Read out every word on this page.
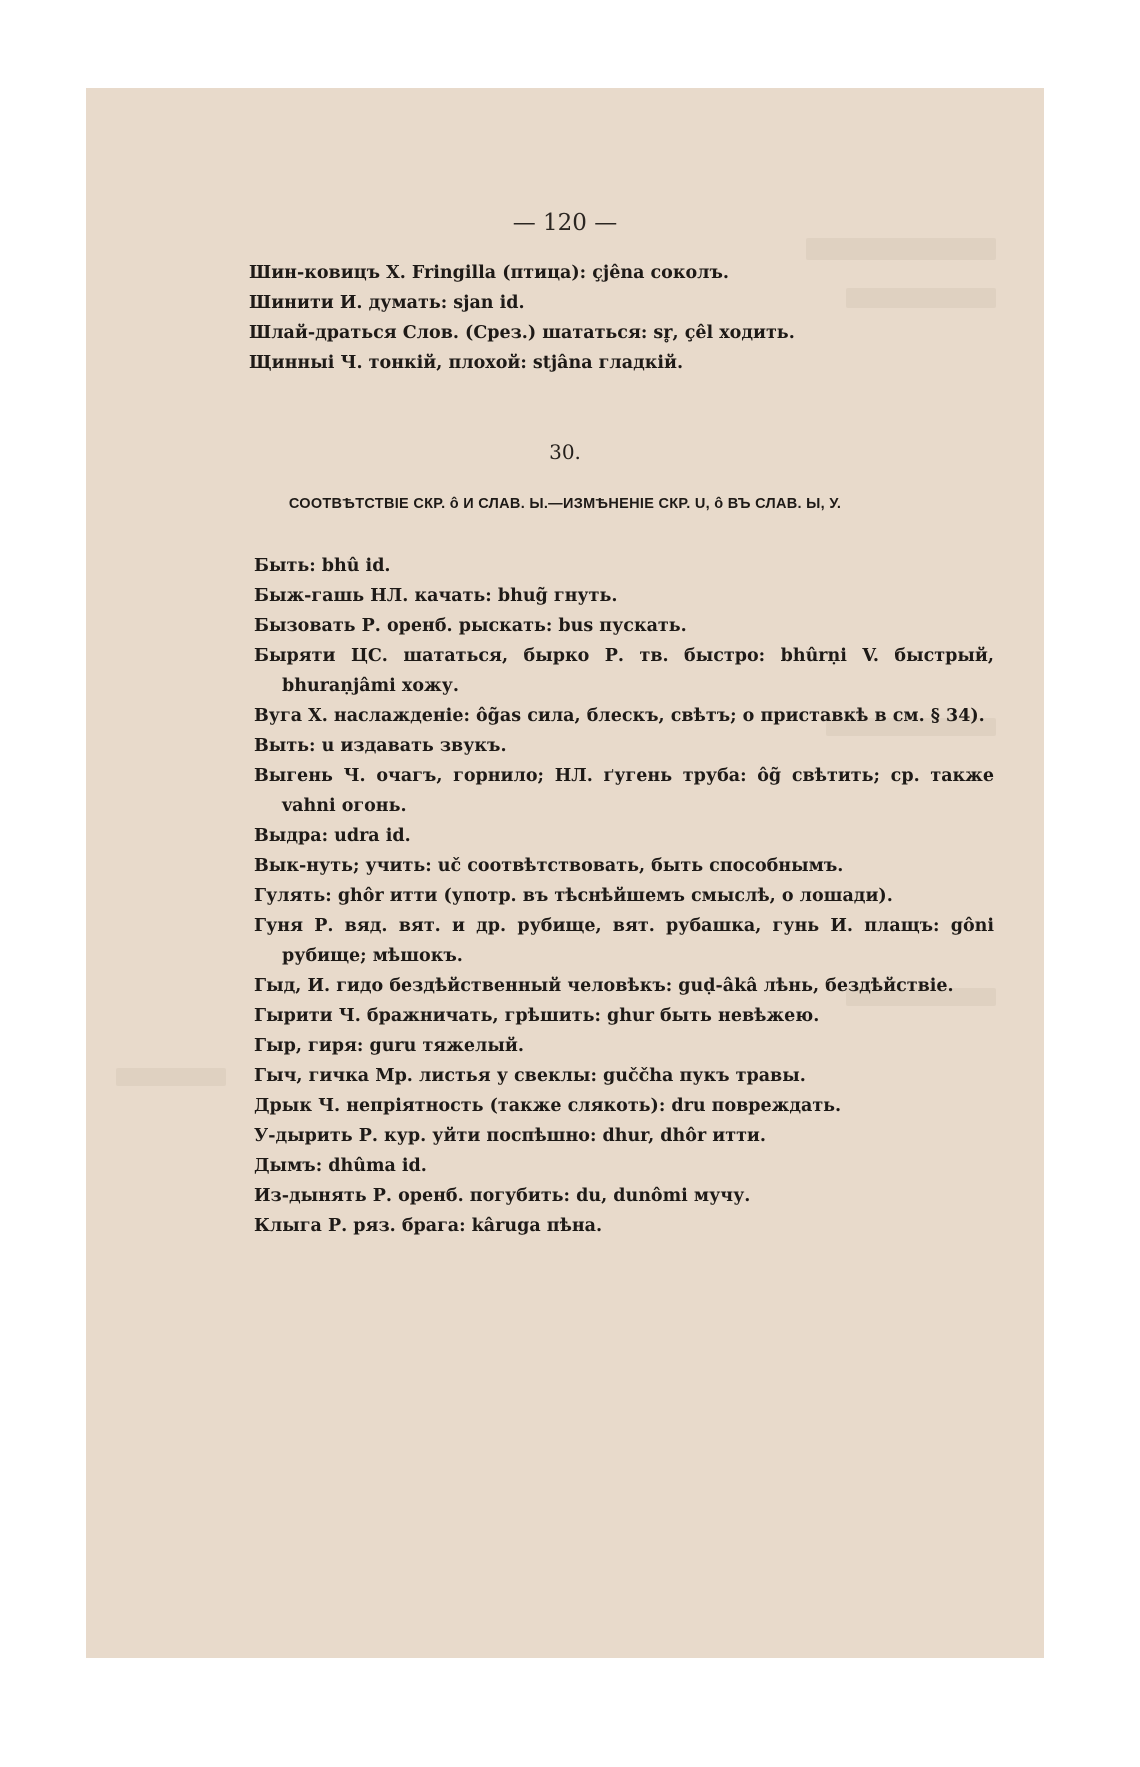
— 120 —
Шин-ковицъ Х. Fringilla (птица): çjêna соколъ.
Шинити И. думать: sjan id.
Шлай-драться Слов. (Срез.) шататься: sr̥, çêl ходить.
Щинныі Ч. тонкій, плохой: stjâna гладкій.
30.
СООТВѢТСТВІЕ СКР. ô И СЛАВ. Ы.—ИЗМѢНЕНІЕ СКР. U, ô ВЪ СЛАВ. Ы, У.
Быть: bhû id.
Быж-гашь НЛ. качать: bhug̃ гнуть.
Бызовать Р. оренб. рыскать: bus пускать.
Быряти ЦС. шататься, бырко Р. тв. быстро: bhûrṇi V. быстрый, bhuraṇjâmi хожу.
Вуга Х. наслажденіе: ôg̃as сила, блескъ, свѣтъ; о приставкѣ в см. § 34).
Выть: u издавать звукъ.
Выгень Ч. очагъ, горнило; НЛ. ґугень труба: ôg̃ свѣтить; ср. также vahni огонь.
Выдра: udra id.
Вык-нуть; учить: uč соотвѣтствовать, быть способнымъ.
Гулять: ghôr итти (употр. въ тѣснѣйшемъ смыслѣ, о лошади).
Гуня Р. вяд. вят. и др. рубище, вят. рубашка, гунь И. плащъ: gôni рубище; мѣшокъ.
Гыд, И. гидо бездѣйственный человѣкъ: guḍ-âkâ лѣнь, бездѣйствіе.
Гырити Ч. бражничать, грѣшить: ghur быть невѣжею.
Гыр, гиря: guru тяжелый.
Гыч, гичка Мр. листья у свеклы: guččha пукъ травы.
Дрык Ч. непріятность (также слякоть): dru повреждать.
У-дырить Р. кур. уйти поспѣшно: dhur, dhôr итти.
Дымъ: dhûma id.
Из-дынять Р. оренб. погубить: du, dunômi мучу.
Клыга Р. ряз. брага: kâruga пѣна.
